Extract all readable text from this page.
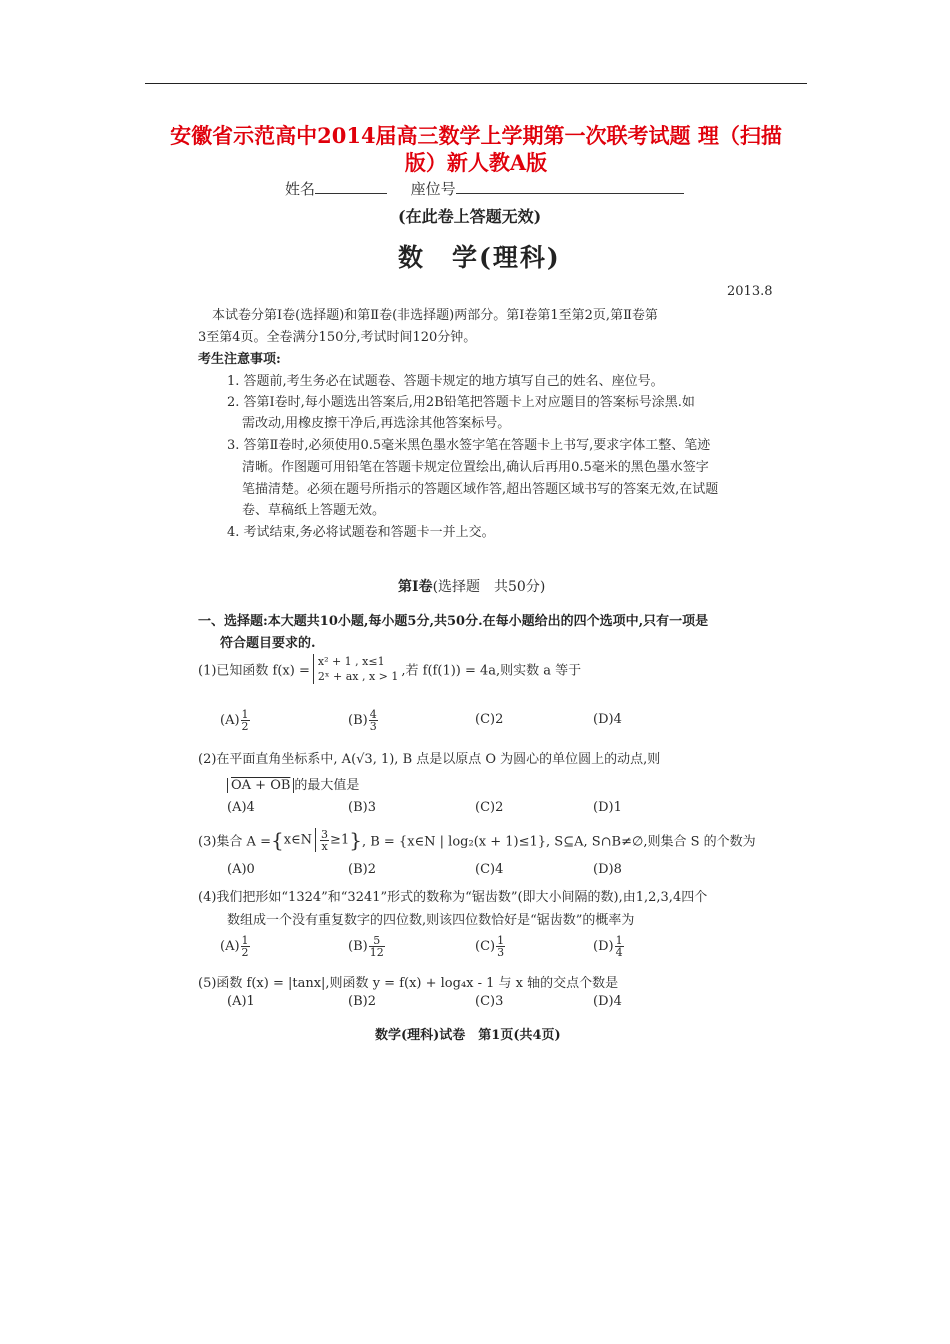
安徽省示范高中2014届高三数学上学期第一次联考试题 理（扫描
版）新人教A版
姓名	座位号
(在此卷上答题无效)
数　学(理科)
2013.8
本试卷分第Ⅰ卷(选择题)和第Ⅱ卷(非选择题)两部分。第Ⅰ卷第1至第2页,第Ⅱ卷第
3至第4页。全卷满分150分,考试时间120分钟。
考生注意事项:
1. 答题前,考生务必在试题卷、答题卡规定的地方填写自己的姓名、座位号。
2. 答第Ⅰ卷时,每小题选出答案后,用2B铅笔把答题卡上对应题目的答案标号涂黑.如
需改动,用橡皮擦干净后,再选涂其他答案标号。
3. 答第Ⅱ卷时,必须使用0.5毫米黑色墨水签字笔在答题卡上书写,要求字体工整、笔迹
清晰。作图题可用铅笔在答题卡规定位置绘出,确认后再用0.5毫米的黑色墨水签字
笔描清楚。必须在题号所指示的答题区域作答,超出答题区域书写的答案无效,在试题
卷、草稿纸上答题无效。
4. 考试结束,务必将试题卷和答题卡一并上交。
第Ⅰ卷(选择题　共50分)
一、选择题:本大题共10小题,每小题5分,共50分.在每小题给出的四个选项中,只有一项是
符合题目要求的.
(1)已知函数 f(x) =
x² + 1 , x≤1
2ˣ + ax , x > 1 ,若 f(f(1)) = 4a,则实数 a 等于
$(A) \frac{1}{2}$	$(B) \frac{4}{3}$	(C)2	(D)4
(2)在平面直角坐标系中, A(√3, 1), B 点是以原点 O 为圆心的单位圆上的动点,则
OA + OB 的最大值是
(A)4	(B)3	(C)2	(D)1
(3)集合 A ={x∈N $\frac{3}{x} \ge 1$}, B = {x∈N | log₂(x + 1)≤1}, S⊆A, S∩B≠∅,则集合 S 的个数为
(A)0	(B)2	(C)4	(D)8
(4)我们把形如“1324”和“3241”形式的数称为“锯齿数”(即大小间隔的数),由1,2,3,4四个
数组成一个没有重复数字的四位数,则该四位数恰好是“锯齿数”的概率为
$(A) \frac{1}{2}$	$(B) \frac{5}{12}$	$(C) \frac{1}{3}$	$(D) \frac{1}{4}$
(5)函数 f(x) = |tanx|,则函数 y = f(x) + log₄x - 1 与 x 轴的交点个数是
(A)1	(B)2	(C)3	(D)4
数学(理科)试卷　第1页(共4页)
